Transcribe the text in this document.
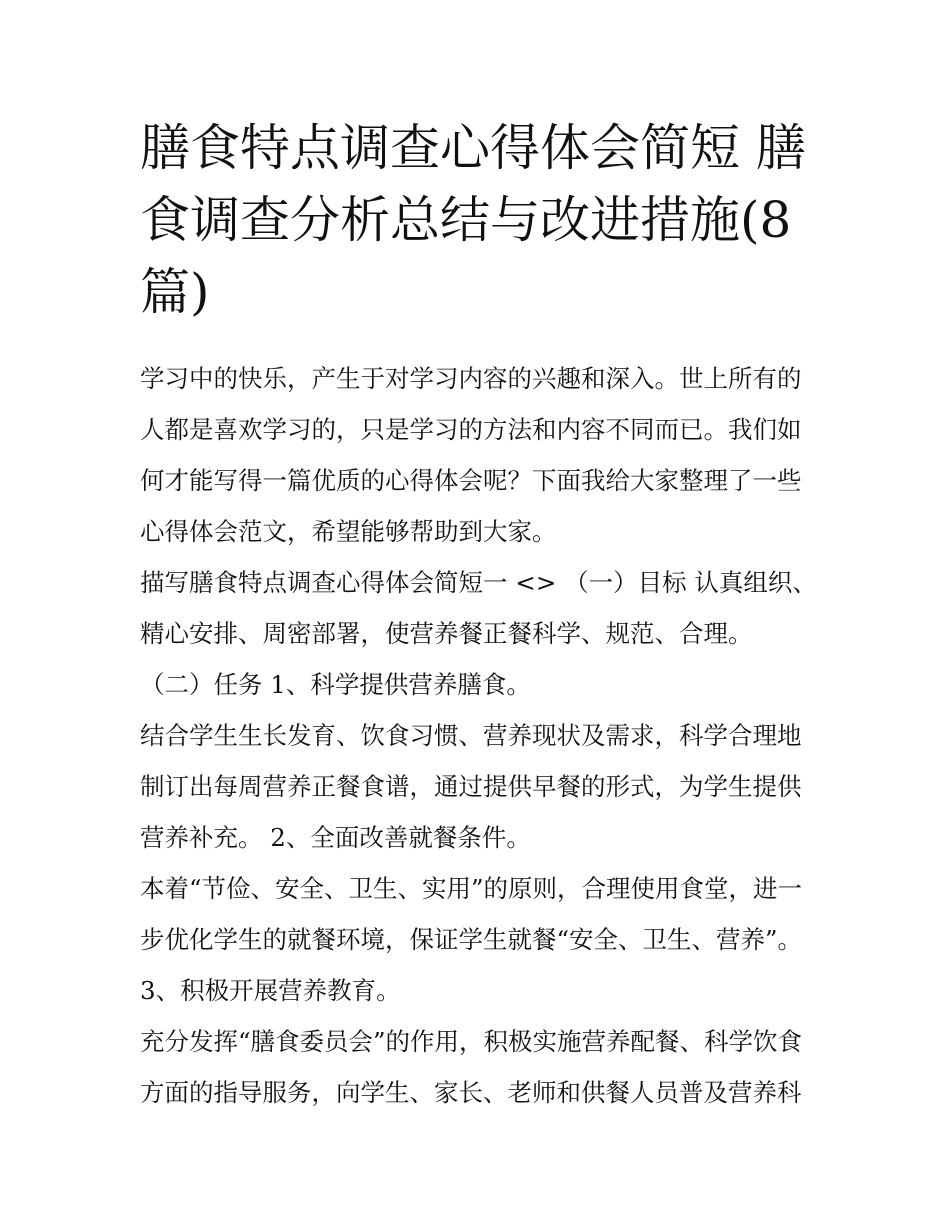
膳食特点调查心得体会简短 膳食调查分析总结与改进措施(8篇)

学习中的快乐，产生于对学习内容的兴趣和深入。世上所有的人都是喜欢学习的，只是学习的方法和内容不同而已。我们如何才能写得一篇优质的心得体会呢？下面我给大家整理了一些心得体会范文，希望能够帮助到大家。

描写膳食特点调查心得体会简短一 <> （一）目标 认真组织、精心安排、周密部署，使营养餐正餐科学、规范、合理。

（二）任务 1、科学提供营养膳食。

结合学生生长发育、饮食习惯、营养现状及需求，科学合理地制订出每周营养正餐食谱，通过提供早餐的形式，为学生提供营养补充。 2、全面改善就餐条件。

本着“节俭、安全、卫生、实用”的原则，合理使用食堂，进一步优化学生的就餐环境，保证学生就餐“安全、卫生、营养”。

3、积极开展营养教育。

充分发挥“膳食委员会”的作用，积极实施营养配餐、科学饮食方面的指导服务，向学生、家长、老师和供餐人员普及营养科
